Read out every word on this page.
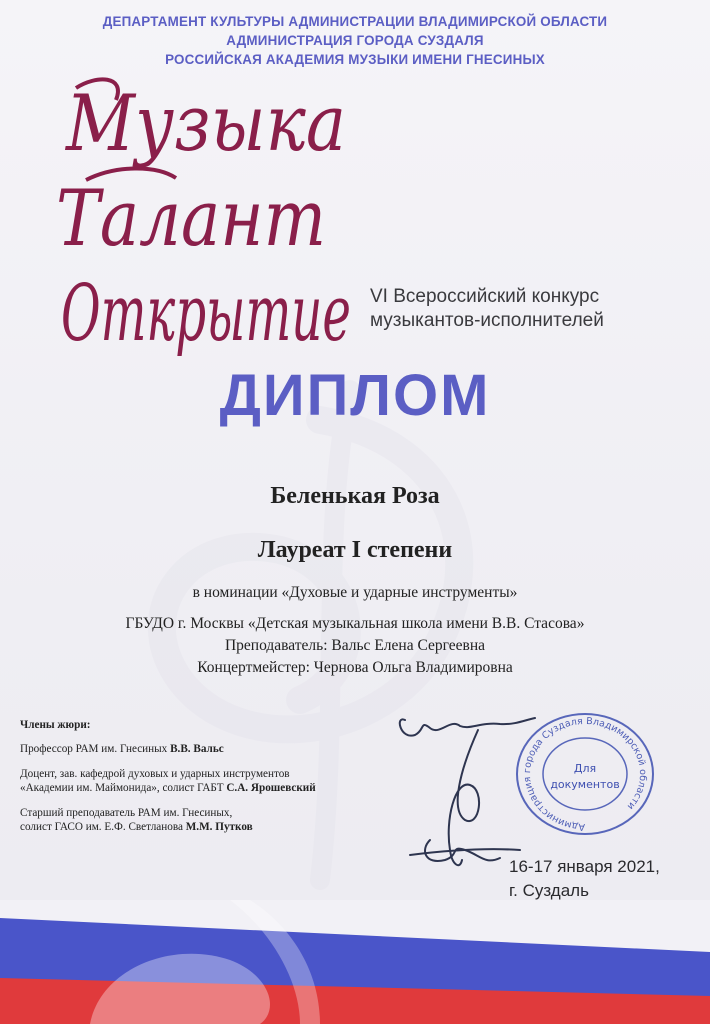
ДЕПАРТАМЕНТ КУЛЬТУРЫ АДМИНИСТРАЦИИ ВЛАДИМИРСКОЙ ОБЛАСТИ
АДМИНИСТРАЦИЯ ГОРОДА СУЗДАЛЯ
РОССИЙСКАЯ АКАДЕМИЯ МУЗЫКИ ИМЕНИ ГНЕСИНЫХ
Музыка
Талант
Открытие VI Всероссийский конкурс
музыкантов-исполнителей
ДИПЛОМ
Беленькая Роза
Лауреат I степени
в номинации «Духовые и ударные инструменты»
ГБУДО г. Москвы «Детская музыкальная школа имени В.В. Стасова»
Преподаватель: Вальс Елена Сергеевна
Концертмейстер: Чернова Ольга Владимировна
Члены жюри:
Профессор РАМ им. Гнесиных В.В. Вальс
Доцент, зав. кафедрой духовых и ударных инструментов
«Академии им. Маймонида», солист ГАБТ С.А. Ярошевский
Старший преподаватель РАМ им. Гнесиных,
солист ГАСО им. Е.Ф. Светланова М.М. Путков	Администрация города Суздаля Владимирской области
Для
документов
16-17 января 2021,
г. Суздаль
